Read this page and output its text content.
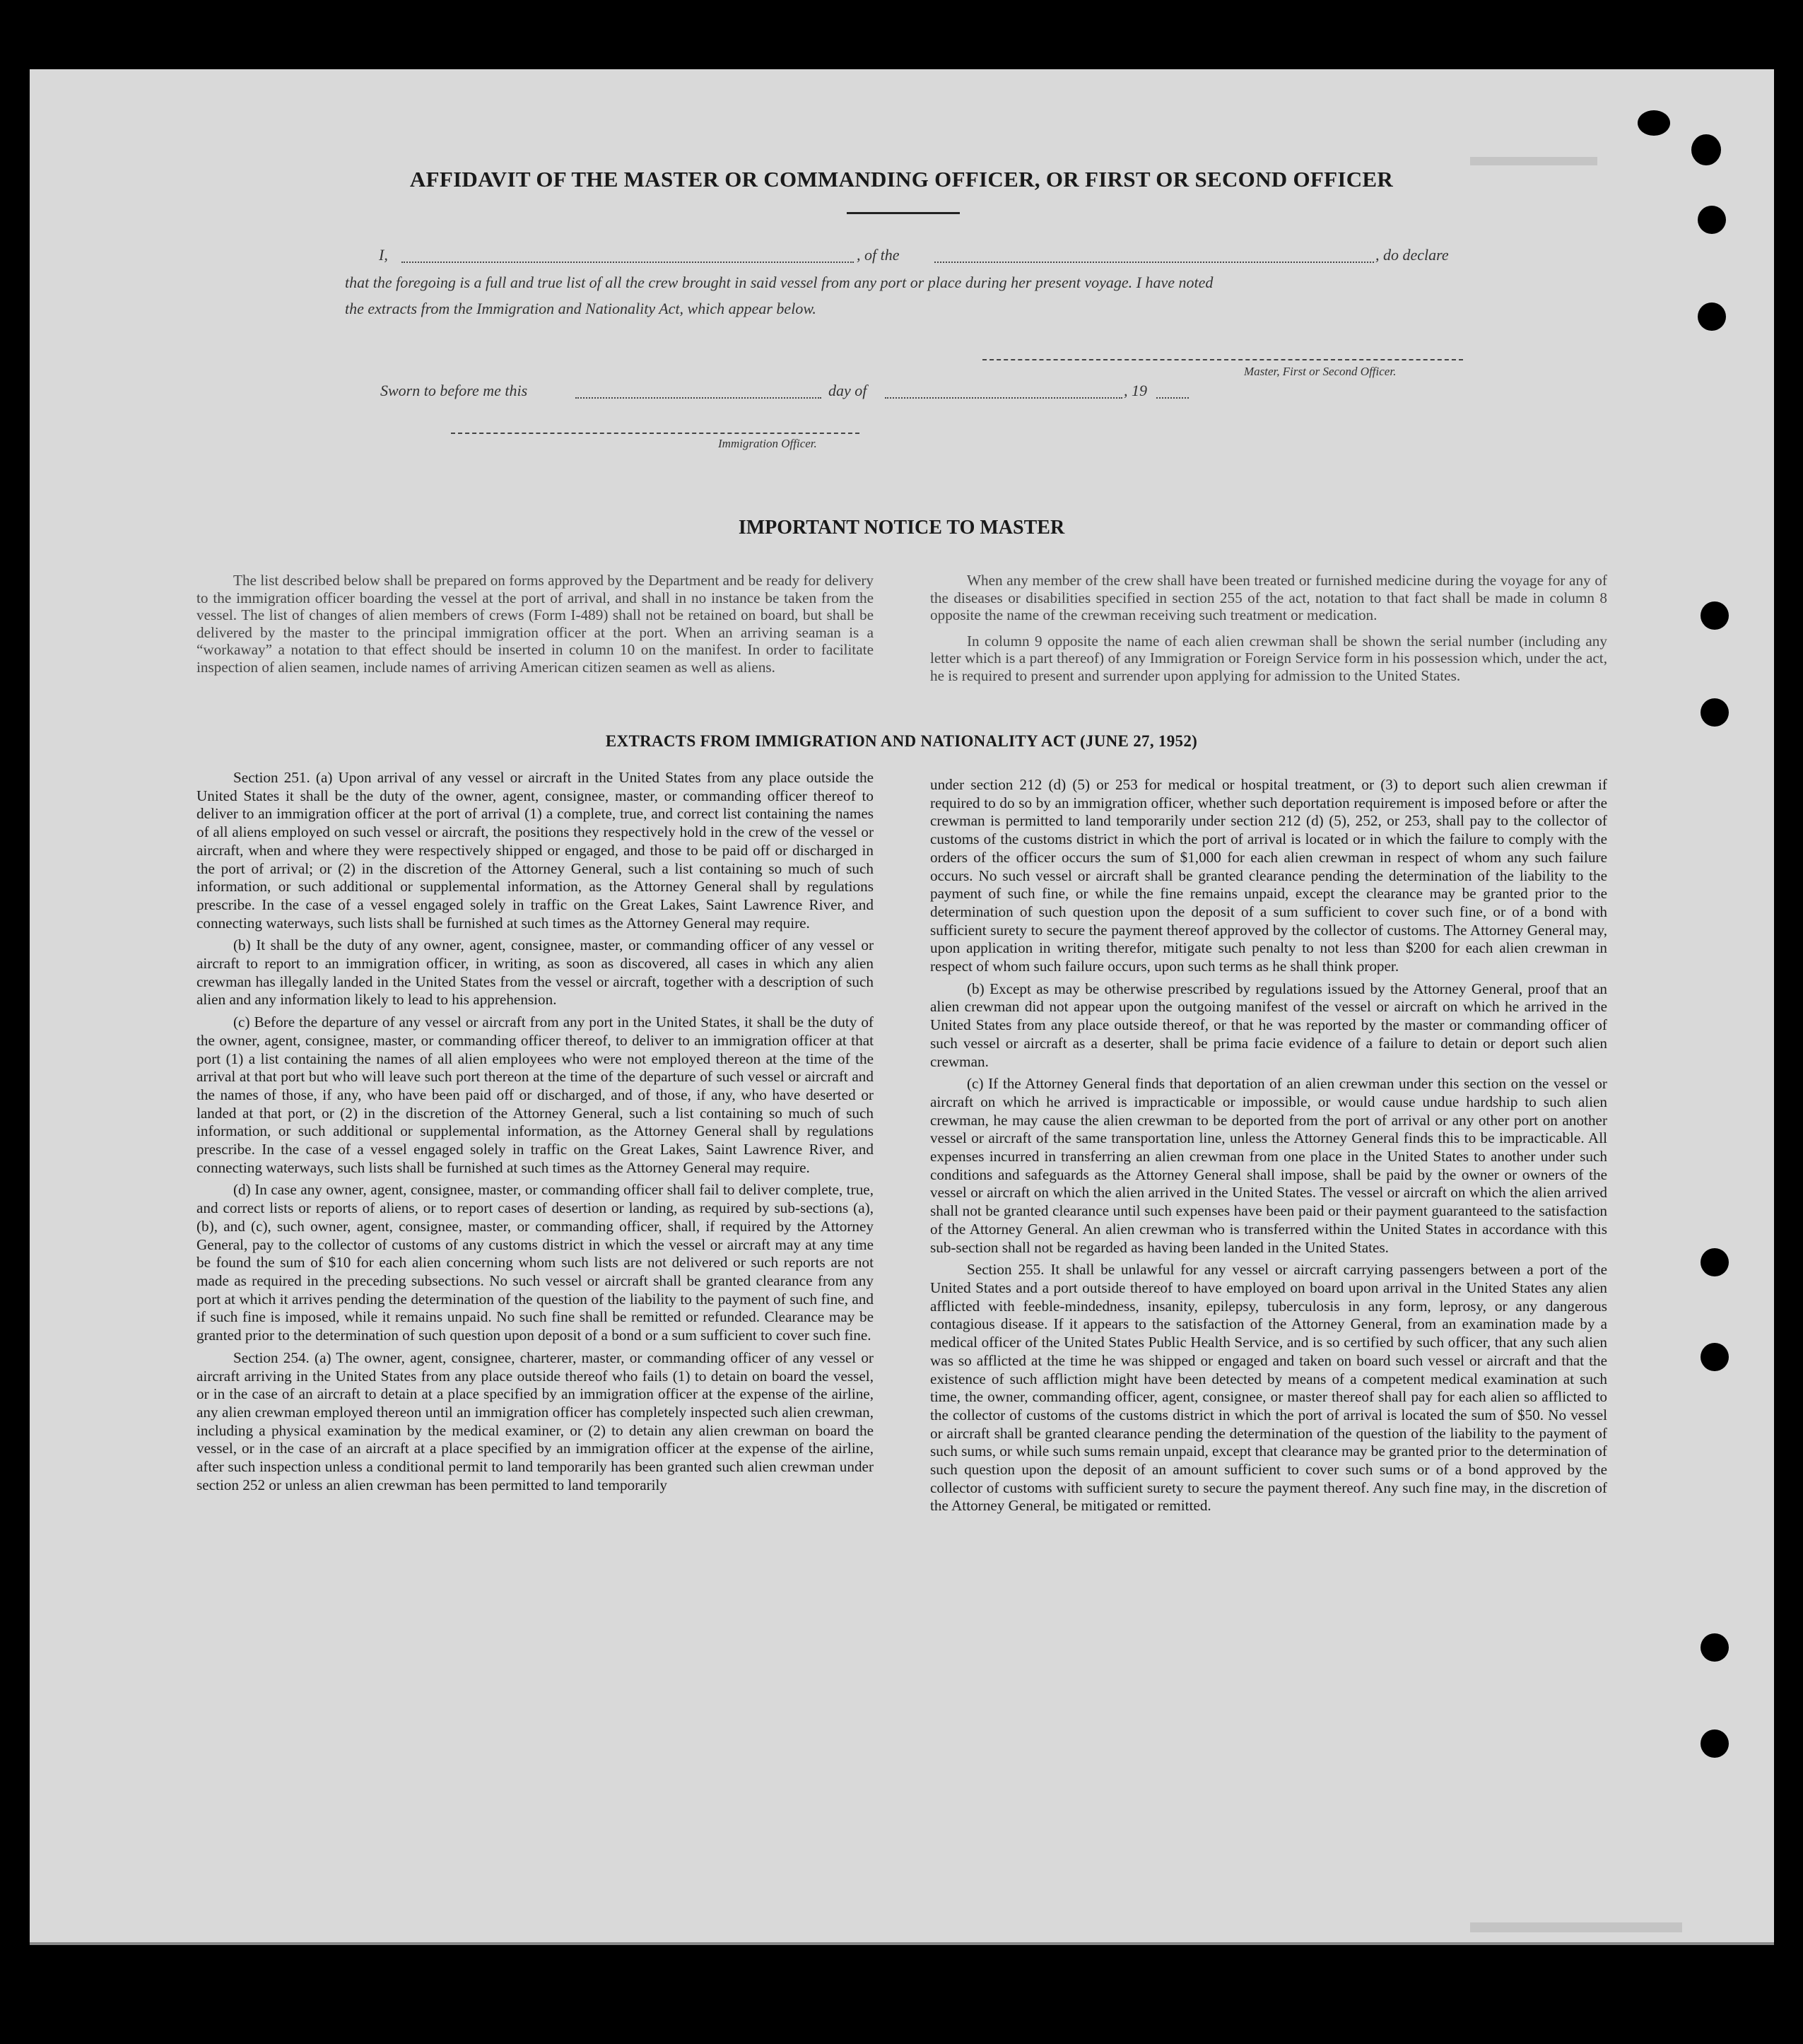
AFFIDAVIT OF THE MASTER OR COMMANDING OFFICER, OR FIRST OR SECOND OFFICER
I,	, of the	, do declare
that the foregoing is a full and true list of all the crew brought in said vessel from any port or place during her present voyage. I have noted
the extracts from the Immigration and Nationality Act, which appear below.
Master, First or Second Officer.
Sworn to before me this	day of	, 19
Immigration Officer.
IMPORTANT NOTICE TO MASTER

The list described below shall be prepared on forms approved by the Department and be ready for delivery to the immigration officer boarding the vessel at the port of arrival, and shall in no instance be taken from the vessel. The list of changes of alien members of crews (Form I-489) shall not be retained on board, but shall be delivered by the master to the principal immigration officer at the port. When an arriving seaman is a “workaway” a notation to that effect should be inserted in column 10 on the manifest. In order to facilitate inspection of alien seamen, include names of arriving American citizen seamen as well as aliens.

When any member of the crew shall have been treated or furnished medicine during the voyage for any of the diseases or disabilities specified in section 255 of the act, notation to that fact shall be made in column 8 opposite the name of the crewman receiving such treatment or medication.

In column 9 opposite the name of each alien crewman shall be shown the serial number (including any letter which is a part thereof) of any Immigration or Foreign Service form in his possession which, under the act, he is required to present and surrender upon applying for admission to the United States.

EXTRACTS FROM IMMIGRATION AND NATIONALITY ACT (JUNE 27, 1952)

Section 251. (a) Upon arrival of any vessel or aircraft in the United States from any place outside the United States it shall be the duty of the owner, agent, consignee, master, or commanding officer thereof to deliver to an immigration officer at the port of arrival (1) a complete, true, and correct list containing the names of all aliens employed on such vessel or aircraft, the positions they respectively hold in the crew of the vessel or aircraft, when and where they were respectively shipped or engaged, and those to be paid off or discharged in the port of arrival; or (2) in the discretion of the Attorney General, such a list containing so much of such information, or such additional or supplemental information, as the Attorney General shall by regulations prescribe. In the case of a vessel engaged solely in traffic on the Great Lakes, Saint Lawrence River, and connecting waterways, such lists shall be furnished at such times as the Attorney General may require.

(b) It shall be the duty of any owner, agent, consignee, master, or commanding officer of any vessel or aircraft to report to an immigration officer, in writing, as soon as discovered, all cases in which any alien crewman has illegally landed in the United States from the vessel or aircraft, together with a description of such alien and any information likely to lead to his apprehension.

(c) Before the departure of any vessel or aircraft from any port in the United States, it shall be the duty of the owner, agent, consignee, master, or commanding officer thereof, to deliver to an immigration officer at that port (1) a list containing the names of all alien employees who were not employed thereon at the time of the arrival at that port but who will leave such port thereon at the time of the departure of such vessel or aircraft and the names of those, if any, who have been paid off or discharged, and of those, if any, who have deserted or landed at that port, or (2) in the discretion of the Attorney General, such a list containing so much of such information, or such additional or supplemental information, as the Attorney General shall by regulations prescribe. In the case of a vessel engaged solely in traffic on the Great Lakes, Saint Lawrence River, and connecting waterways, such lists shall be furnished at such times as the Attorney General may require.

(d) In case any owner, agent, consignee, master, or commanding officer shall fail to deliver complete, true, and correct lists or reports of aliens, or to report cases of desertion or landing, as required by sub-sections (a), (b), and (c), such owner, agent, consignee, master, or commanding officer, shall, if required by the Attorney General, pay to the collector of customs of any customs district in which the vessel or aircraft may at any time be found the sum of $10 for each alien concerning whom such lists are not delivered or such reports are not made as required in the preceding subsections. No such vessel or aircraft shall be granted clearance from any port at which it arrives pending the determination of the question of the liability to the payment of such fine, and if such fine is imposed, while it remains unpaid. No such fine shall be remitted or refunded. Clearance may be granted prior to the determination of such question upon deposit of a bond or a sum sufficient to cover such fine.

Section 254. (a) The owner, agent, consignee, charterer, master, or commanding officer of any vessel or aircraft arriving in the United States from any place outside thereof who fails (1) to detain on board the vessel, or in the case of an aircraft to detain at a place specified by an immigration officer at the expense of the airline, any alien crewman employed thereon until an immigration officer has completely inspected such alien crewman, including a physical examination by the medical examiner, or (2) to detain any alien crewman on board the vessel, or in the case of an aircraft at a place specified by an immigration officer at the expense of the airline, after such inspection unless a conditional permit to land temporarily has been granted such alien crewman under section 252 or unless an alien crewman has been permitted to land temporarily

under section 212 (d) (5) or 253 for medical or hospital treatment, or (3) to deport such alien crewman if required to do so by an immigration officer, whether such deportation requirement is imposed before or after the crewman is permitted to land temporarily under section 212 (d) (5), 252, or 253, shall pay to the collector of customs of the customs district in which the port of arrival is located or in which the failure to comply with the orders of the officer occurs the sum of $1,000 for each alien crewman in respect of whom any such failure occurs. No such vessel or aircraft shall be granted clearance pending the determination of the liability to the payment of such fine, or while the fine remains unpaid, except the clearance may be granted prior to the determination of such question upon the deposit of a sum sufficient to cover such fine, or of a bond with sufficient surety to secure the payment thereof approved by the collector of customs. The Attorney General may, upon application in writing therefor, mitigate such penalty to not less than $200 for each alien crewman in respect of whom such failure occurs, upon such terms as he shall think proper.

(b) Except as may be otherwise prescribed by regulations issued by the Attorney General, proof that an alien crewman did not appear upon the outgoing manifest of the vessel or aircraft on which he arrived in the United States from any place outside thereof, or that he was reported by the master or commanding officer of such vessel or aircraft as a deserter, shall be prima facie evidence of a failure to detain or deport such alien crewman.

(c) If the Attorney General finds that deportation of an alien crewman under this section on the vessel or aircraft on which he arrived is impracticable or impossible, or would cause undue hardship to such alien crewman, he may cause the alien crewman to be deported from the port of arrival or any other port on another vessel or aircraft of the same transportation line, unless the Attorney General finds this to be impracticable. All expenses incurred in transferring an alien crewman from one place in the United States to another under such conditions and safeguards as the Attorney General shall impose, shall be paid by the owner or owners of the vessel or aircraft on which the alien arrived in the United States. The vessel or aircraft on which the alien arrived shall not be granted clearance until such expenses have been paid or their payment guaranteed to the satisfaction of the Attorney General. An alien crewman who is transferred within the United States in accordance with this sub-section shall not be regarded as having been landed in the United States.

Section 255. It shall be unlawful for any vessel or aircraft carrying passengers between a port of the United States and a port outside thereof to have employed on board upon arrival in the United States any alien afflicted with feeble-mindedness, insanity, epilepsy, tuberculosis in any form, leprosy, or any dangerous contagious disease. If it appears to the satisfaction of the Attorney General, from an examination made by a medical officer of the United States Public Health Service, and is so certified by such officer, that any such alien was so afflicted at the time he was shipped or engaged and taken on board such vessel or aircraft and that the existence of such affliction might have been detected by means of a competent medical examination at such time, the owner, commanding officer, agent, consignee, or master thereof shall pay for each alien so afflicted to the collector of customs of the customs district in which the port of arrival is located the sum of $50. No vessel or aircraft shall be granted clearance pending the determination of the question of the liability to the payment of such sums, or while such sums remain unpaid, except that clearance may be granted prior to the determination of such question upon the deposit of an amount sufficient to cover such sums or of a bond approved by the collector of customs with sufficient surety to secure the payment thereof. Any such fine may, in the discretion of the Attorney General, be mitigated or remitted.
